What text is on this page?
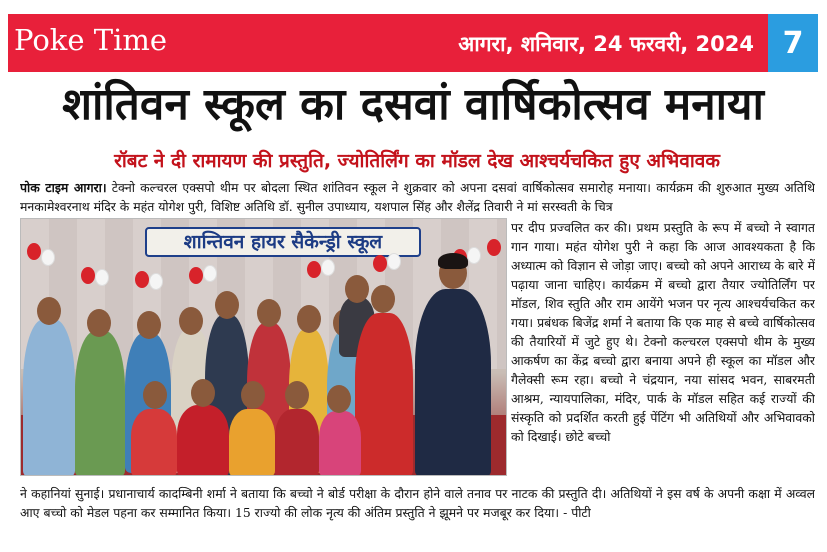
Poke Time	आगरा, शनिवार, 24 फरवरी, 2024 7
शांतिवन स्कूल का दसवां वार्षिकोत्सव मनाया
रॉबट ने दी रामायण की प्रस्तुति, ज्योतिर्लिंग का मॉडल देख आश्चर्यचकित हुए अभिवावक
पोक टाइम आगरा। टेक्नो कल्चरल एक्सपो थीम पर बोदला स्थित शांतिवन स्कूल ने शुक्रवार को अपना दसवां वार्षिकोत्सव समारोह मनाया। कार्यक्रम की शुरुआत मुख्य अतिथि मनकामेश्वरनाथ मंदिर के महंत योगेश पुरी, विशिष्ट अतिथि डॉ. सुनील उपाध्याय, यशपाल सिंह और शैलेंद्र तिवारी ने मां सरस्वती के चित्र
शान्तिवन हायर सैकेन्ड्री स्कूल
पर दीप प्रज्वलित कर की। प्रथम प्रस्तुति के रूप में बच्चो ने स्वागत गान गाया। महंत योगेश पुरी ने कहा कि आज आवश्यकता है कि अध्यात्म को विज्ञान से जोड़ा जाए। बच्चो को अपने आराध्य के बारे में पढ़ाया जाना चाहिए। कार्यक्रम में बच्चो द्वारा तैयार ज्योतिर्लिंग पर मॉडल, शिव स्तुति और राम आयेंगे भजन पर नृत्य आश्चर्यचकित कर गया। प्रबंधक बिजेंद्र शर्मा ने बताया कि एक माह से बच्चे वार्षिकोत्सव की तैयारियों में जुटे हुए थे। टेक्नो कल्चरल एक्सपो थीम के मुख्य आकर्षण का केंद्र बच्चो द्वारा बनाया अपने ही स्कूल का मॉडल और गैलेक्सी रूम रहा। बच्चो ने चंद्रयान, नया सांसद भवन, साबरमती आश्रम, न्यायपालिका, मंदिर, पार्क के मॉडल सहित कई राज्यों की संस्कृति को प्रदर्शित करती हुई पेंटिंग भी अतिथियों और अभिवावको को दिखाई। छोटे बच्चो
ने कहानियां सुनाई। प्रधानाचार्य कादम्बिनी शर्मा ने बताया कि बच्चो ने बोर्ड परीक्षा के दौरान होने वाले तनाव पर नाटक की प्रस्तुति दी। अतिथियों ने इस वर्ष के अपनी कक्षा में अव्वल आए बच्चो को मेडल पहना कर सम्मानित किया। 15 राज्यो की लोक नृत्य की अंतिम प्रस्तुति ने झूमने पर मजबूर कर दिया। - पीटी
